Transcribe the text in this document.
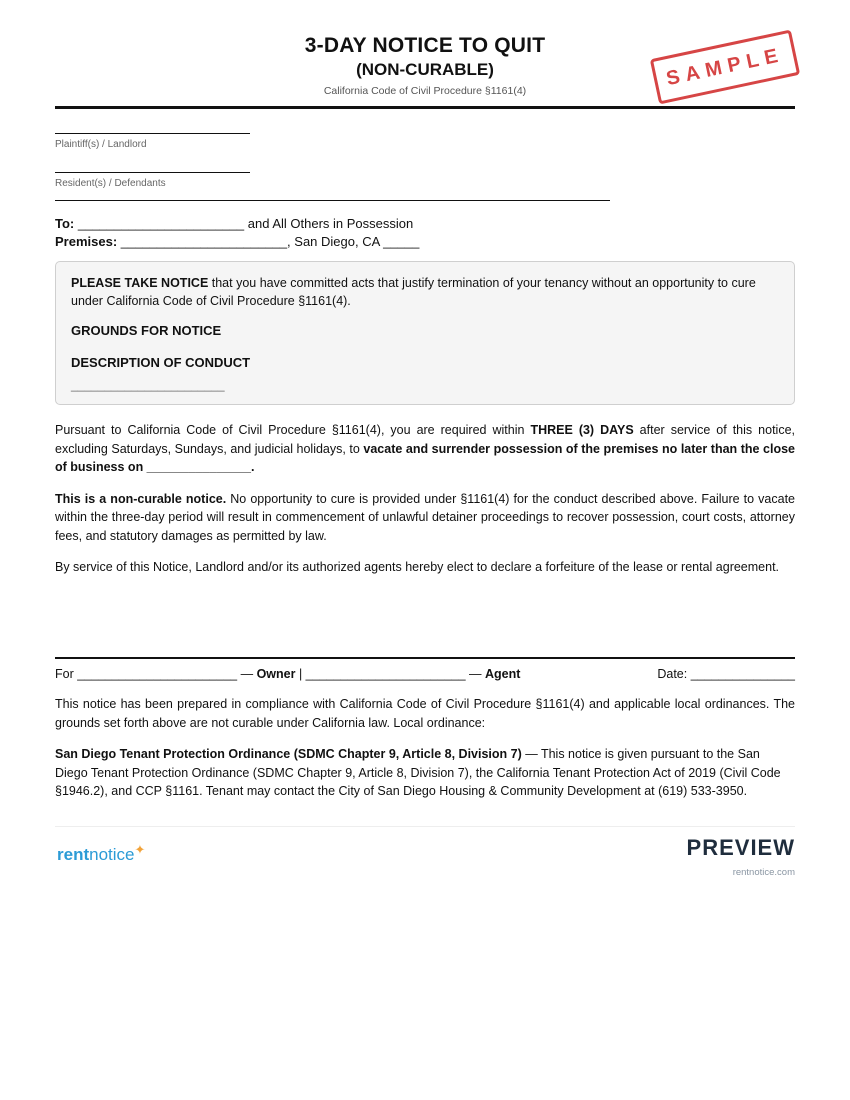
3-DAY NOTICE TO QUIT
(NON-CURABLE)
California Code of Civil Procedure §1161(4)
SAMPLE
Plaintiff(s) / Landlord
Resident(s) / Defendants
To: _______________________ and All Others in Possession
Premises: _______________________, San Diego, CA _____
PLEASE TAKE NOTICE that you have committed acts that justify termination of your tenancy without an opportunity to cure under California Code of Civil Procedure §1161(4).
GROUNDS FOR NOTICE
DESCRIPTION OF CONDUCT
_______________________
Pursuant to California Code of Civil Procedure §1161(4), you are required within THREE (3) DAYS after service of this notice, excluding Saturdays, Sundays, and judicial holidays, to vacate and surrender possession of the premises no later than the close of business on _______________.
This is a non-curable notice. No opportunity to cure is provided under §1161(4) for the conduct described above. Failure to vacate within the three-day period will result in commencement of unlawful detainer proceedings to recover possession, court costs, attorney fees, and statutory damages as permitted by law.
By service of this Notice, Landlord and/or its authorized agents hereby elect to declare a forfeiture of the lease or rental agreement.
For _______________________ — Owner | _______________________ — Agent	Date: _______________
This notice has been prepared in compliance with California Code of Civil Procedure §1161(4) and applicable local ordinances. The grounds set forth above are not curable under California law. Local ordinance:
San Diego Tenant Protection Ordinance (SDMC Chapter 9, Article 8, Division 7) — This notice is given pursuant to the San Diego Tenant Protection Ordinance (SDMC Chapter 9, Article 8, Division 7), the California Tenant Protection Act of 2019 (Civil Code §1946.2), and CCP §1161. Tenant may contact the City of San Diego Housing & Community Development at (619) 533-3950.
rentnotice✦	PREVIEW
rentnotice.com
